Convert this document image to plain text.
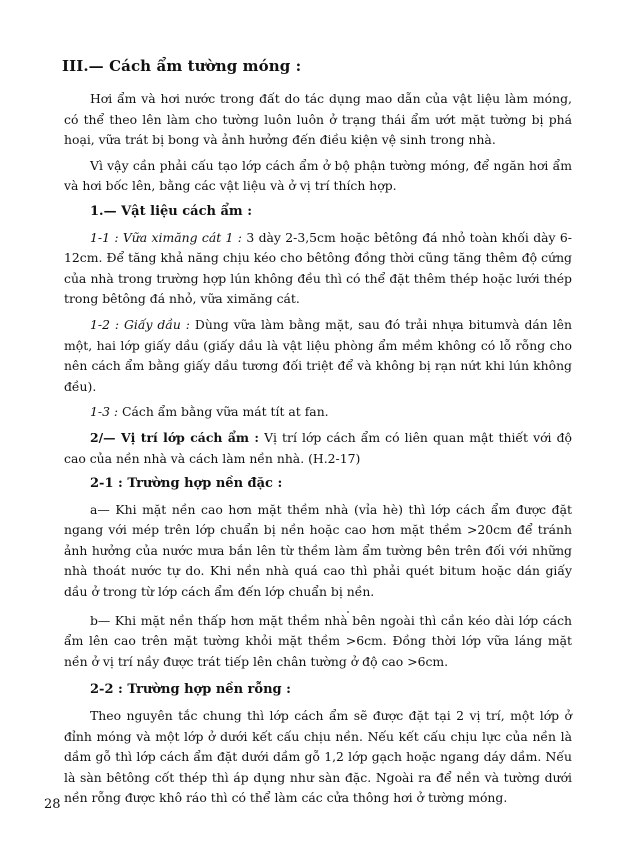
III.— Cách ẩm tường móng :

Hơi ẩm và hơi nước trong đất do tác dụng mao dẫn của vật liệu làm móng, có thể theo lên làm cho tường luôn luôn ở trạng thái ẩm ướt mặt tường bị phá hoại, vữa trát bị bong và ảnh hưởng đến điều kiện vệ sinh trong nhà.

Vì vậy cần phải cấu tạo lớp cách ẩm ở bộ phận tường móng, để ngăn hơi ẩm và hơi bốc lên, bằng các vật liệu và ở vị trí thích hợp.

1.— Vật liệu cách ẩm :

1-1 : Vữa ximăng cát 1 : 3 dày 2-3,5cm hoặc bêtông đá nhỏ toàn khối dày 6-12cm. Để tăng khả năng chịu kéo cho bêtông đồng thời cũng tăng thêm độ cứng của nhà trong trường hợp lún không đều thì có thể đặt thêm thép hoặc lưới thép trong bêtông đá nhỏ, vữa ximăng cát.

1-2 : Giấy dầu : Dùng vữa làm bằng mặt, sau đó trải nhựa bitumvà dán lên một, hai lớp giấy dầu (giấy dầu là vật liệu phòng ẩm mềm không có lỗ rỗng cho nên cách ẩm bằng giấy dầu tương đối triệt để và không bị rạn nứt khi lún không đều).

1-3 : Cách ẩm bằng vữa mát tít at fan.

2/— Vị trí lớp cách ẩm : Vị trí lớp cách ẩm có liên quan mật thiết với độ cao của nền nhà và cách làm nền nhà. (H.2-17)

2-1 : Trường hợp nền đặc :

a— Khi mặt nền cao hơn mặt thềm nhà (vỉa hè) thì lớp cách ẩm được đặt ngang với mép trên lớp chuẩn bị nền hoặc cao hơn mặt thềm >20cm để tránh ảnh hưởng của nước mưa bắn lên từ thềm làm ẩm tường bên trên đối với những nhà thoát nước tự do. Khi nền nhà quá cao thì phải quét bitum hoặc dán giấy dầu ở trong từ lớp cách ẩm đến lớp chuẩn bị nền.

b— Khi mặt nền thấp hơn mặt thềm nhà bên ngoài thì cần kéo dài lớp cách ẩm lên cao trên mặt tường khỏi mặt thềm >6cm. Đồng thời lớp vữa láng mặt nền ở vị trí nầy được trát tiếp lên chân tường ở độ cao >6cm.

2-2 : Trường hợp nền rỗng :

Theo nguyên tắc chung thì lớp cách ẩm sẽ được đặt tại 2 vị trí, một lớp ở đỉnh móng và một lớp ở dưới kết cấu chịu nền. Nếu kết cấu chịu lực của nền là dầm gỗ thì lớp cách ẩm đặt dưới dầm gỗ 1,2 lớp gạch hoặc ngang dáy dầm. Nếu là sàn bêtông cốt thép thì áp dụng như sàn đặc. Ngoài ra để nền và tường dưới nền rỗng được khô ráo thì có thể làm các cửa thông hơi ở tường móng.

28
